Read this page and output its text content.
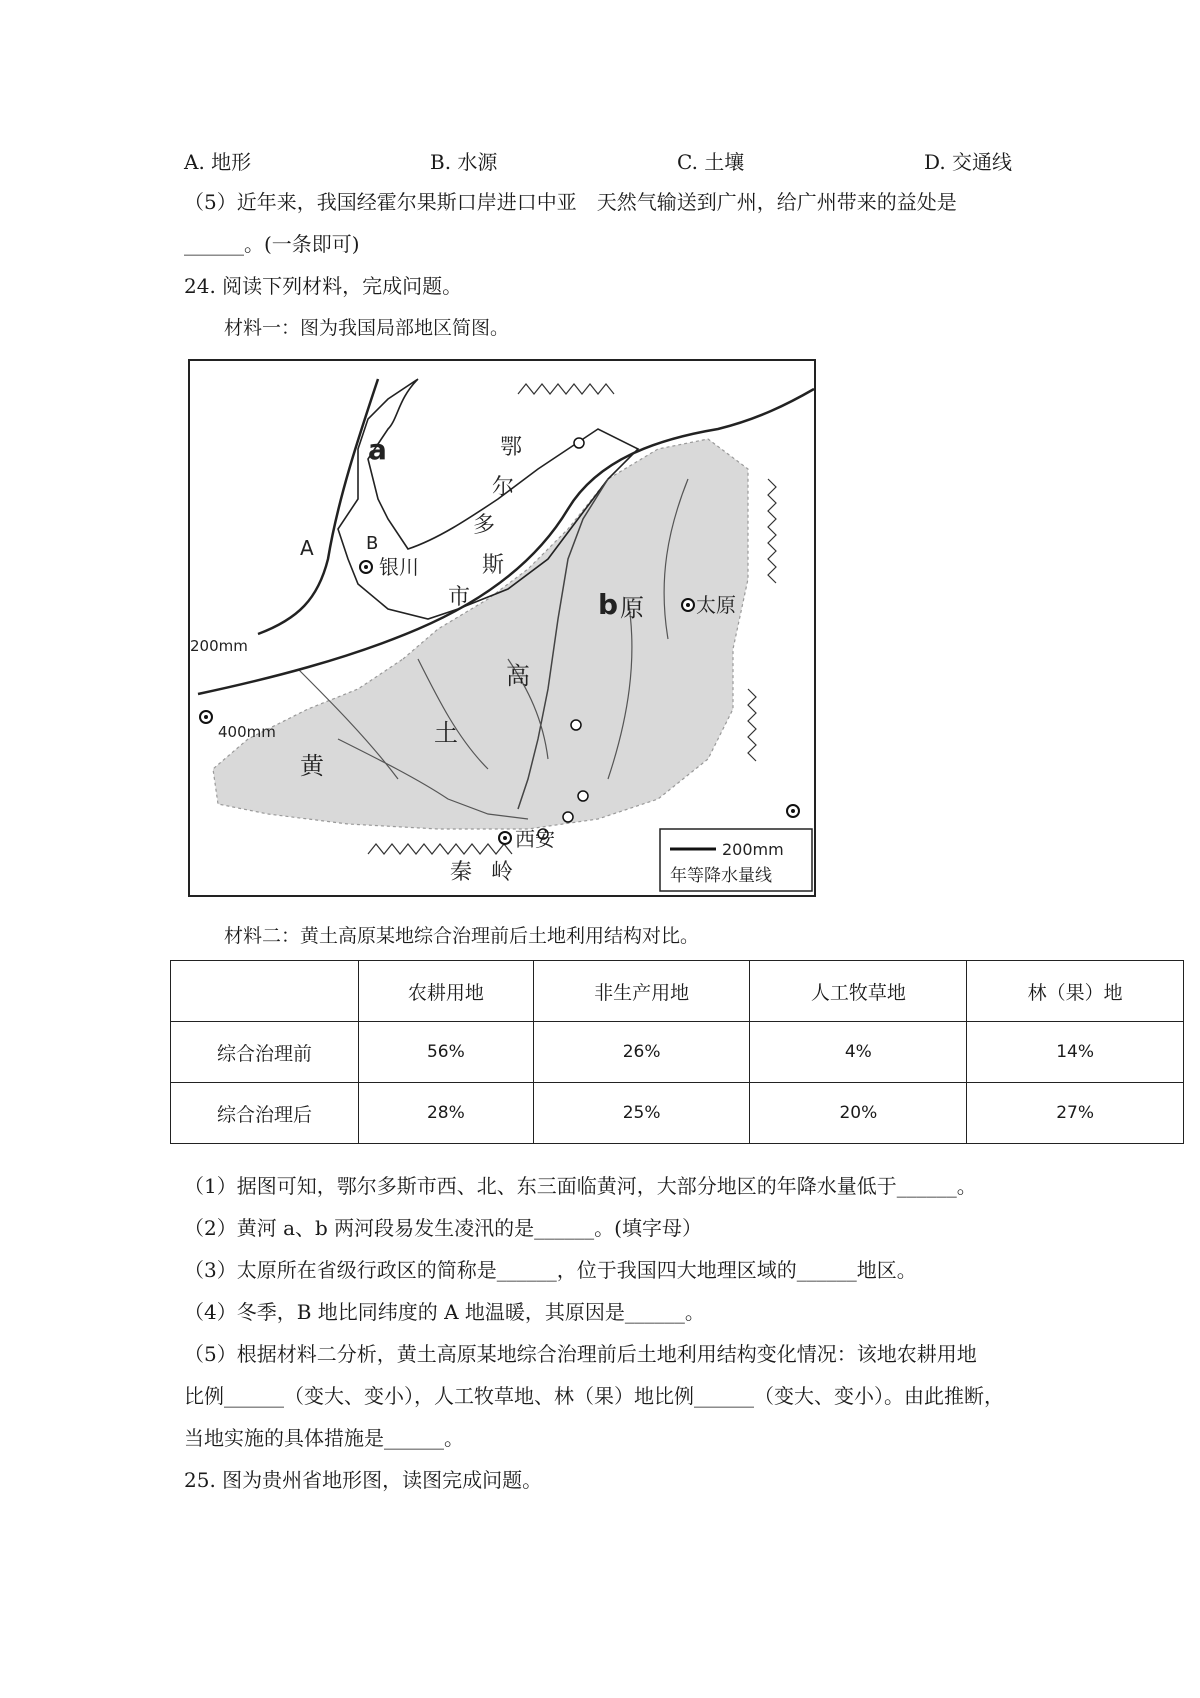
A. 地形	B. 水源	C. 土壤	D. 交通线
（5）近年来，我国经霍尔果斯口岸进口中亚　天然气输送到广州，给广州带来的益处是
______。(一条即可)
24. 阅读下列材料，完成问题。
材料一：图为我国局部地区简图。
a
b
A	B
银川
太原
西安
鄂
尔
多
斯
市
高
土
黄
原
秦 岭
200mm
400mm
200mm
年等降水量线
材料二：黄土高原某地综合治理前后土地利用结构对比。
	农耕用地	非生产用地	人工牧草地	林（果）地
综合治理前	56%	26%	4%	14%
综合治理后	28%	25%	20%	27%
（1）据图可知，鄂尔多斯市西、北、东三面临黄河，大部分地区的年降水量低于______。
（2）黄河 a、b 两河段易发生凌汛的是______。(填字母）
（3）太原所在省级行政区的简称是______，位于我国四大地理区域的______地区。
（4）冬季，B 地比同纬度的 A 地温暖，其原因是______。
（5）根据材料二分析，黄土高原某地综合治理前后土地利用结构变化情况：该地农耕用地
比例______（变大、变小），人工牧草地、林（果）地比例______（变大、变小）。由此推断，
当地实施的具体措施是______。
25. 图为贵州省地形图，读图完成问题。
